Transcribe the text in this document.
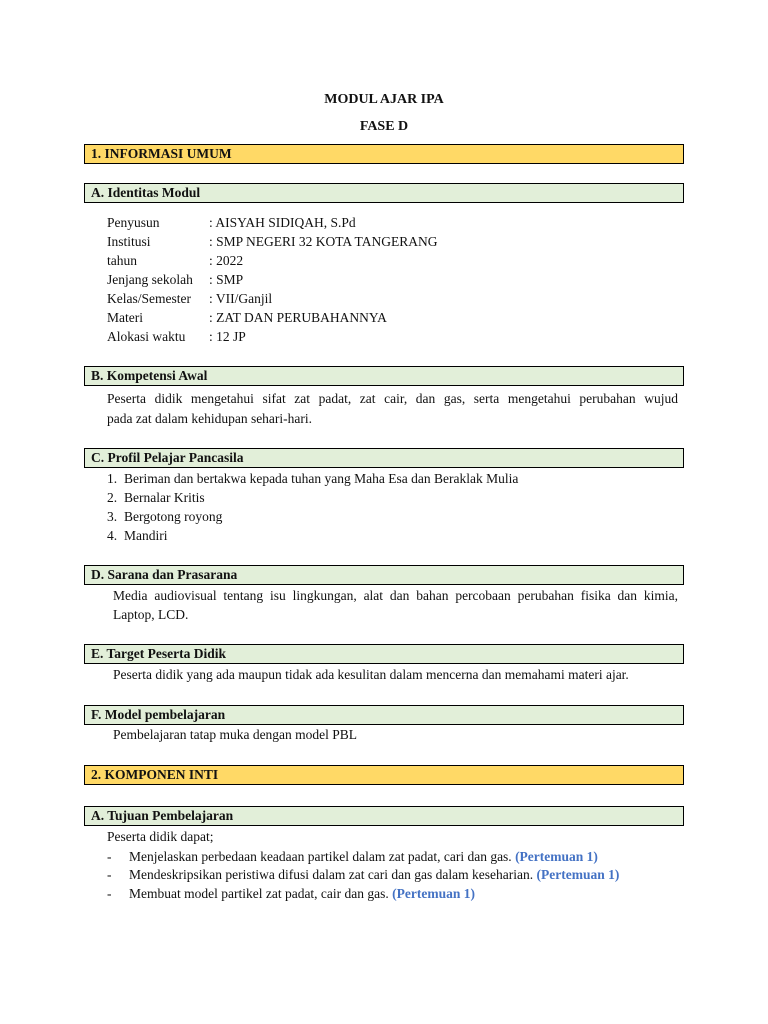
MODUL AJAR IPA
FASE D
1. INFORMASI UMUM
A. Identitas Modul
Penyusun	: AISYAH SIDIQAH, S.Pd
Institusi	: SMP NEGERI 32 KOTA TANGERANG
tahun	: 2022
Jenjang sekolah : SMP
Kelas/Semester : VII/Ganjil
Materi	: ZAT DAN PERUBAHANNYA
Alokasi waktu : 12 JP
B. Kompetensi Awal
Peserta didik mengetahui sifat zat padat, zat cair, dan gas, serta mengetahui perubahan wujud
pada zat dalam kehidupan sehari-hari.
C. Profil Pelajar Pancasila
1. Beriman dan bertakwa kepada tuhan yang Maha Esa dan Beraklak Mulia
2. Bernalar Kritis
3. Bergotong royong
4. Mandiri
D. Sarana dan Prasarana
Media audiovisual tentang isu lingkungan, alat dan bahan percobaan perubahan fisika dan kimia,
Laptop, LCD.
E. Target Peserta Didik
Peserta didik yang ada maupun tidak ada kesulitan dalam mencerna dan memahami materi ajar.
F. Model pembelajaran
Pembelajaran tatap muka dengan model PBL
2. KOMPONEN INTI
A. Tujuan Pembelajaran
Peserta didik dapat;
- Menjelaskan perbedaan keadaan partikel dalam zat padat, cari dan gas. (Pertemuan 1)
- Mendeskripsikan peristiwa difusi dalam zat cari dan gas dalam keseharian. (Pertemuan 1)
- Membuat model partikel zat padat, cair dan gas. (Pertemuan 1)
